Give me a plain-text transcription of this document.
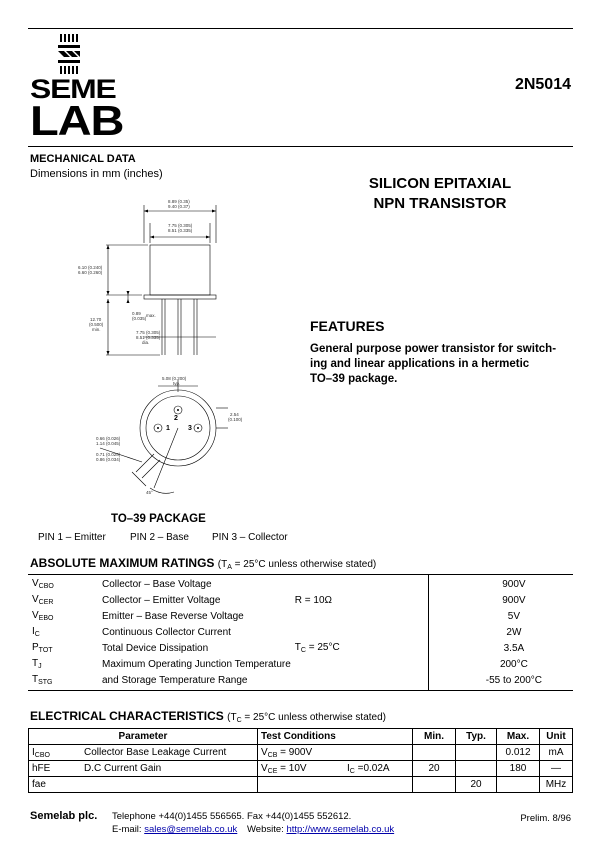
SEME
LAB
2N5014
MECHANICAL DATA
Dimensions in mm (inches)
8.89 (0.35)
9.40 (0.37)
7.75 (0.305)
8.51 (0.335)
6.10 (0.240)
6.60 (0.260)
0.89 max.
(0.035)
12.70
(0.500)
min.
7.75 (0.305)
8.51 (0.335)
dia.
5.08 (0.200)
typ.
2.54
(0.100)
0.66 (0.026)
1.14 (0.045)
0.71 (0.028)
0.86 (0.034)
45°
2
1	3
SILICON EPITAXIAL
NPN TRANSISTOR
FEATURES
General purpose power transistor for switch-
ing and linear applications in a hermetic
TO–39 package.
TO–39 PACKAGE
PIN 1 – Emitter PIN 2 – Base PIN 3 – Collector
ABSOLUTE MAXIMUM RATINGS ($T_A = 25^\circ C$ unless otherwise stated)
$V_{CBO}$	Collector – Base Voltage		900V
$V_{CER}$	Collector – Emitter Voltage	R = 10Ω	900V
$V_{EBO}$	Emitter – Base Reverse Voltage		5V
$I_C$	Continuous Collector Current		2W
$P_{TOT}$	Total Device Dissipation	$T_C = 25^\circ C$	3.5A
$T_J$	Maximum Operating Junction Temperature		200°C
$T_{STG}$	and Storage Temperature Range		-55 to 200°C
ELECTRICAL CHARACTERISTICS ($T_C = 25^\circ C$ unless otherwise stated)
Parameter		Test Conditions		Min.	Typ.	Max.	Unit
$I_{CBO}$	Collector Base Leakage Current	$V_{CB} = 900V$				0.012	mA
hFE	D.C Current Gain	$V_{CE} = 10V$	$I_C =0.02A$	20		180	—
fae					20		MHz
Semelab plc. Telephone +44(0)1455 556565. Fax +44(0)1455 552612.
E-mail: sales@semelab.co.uk Website: http://www.semelab.co.uk
Prelim. 8/96
